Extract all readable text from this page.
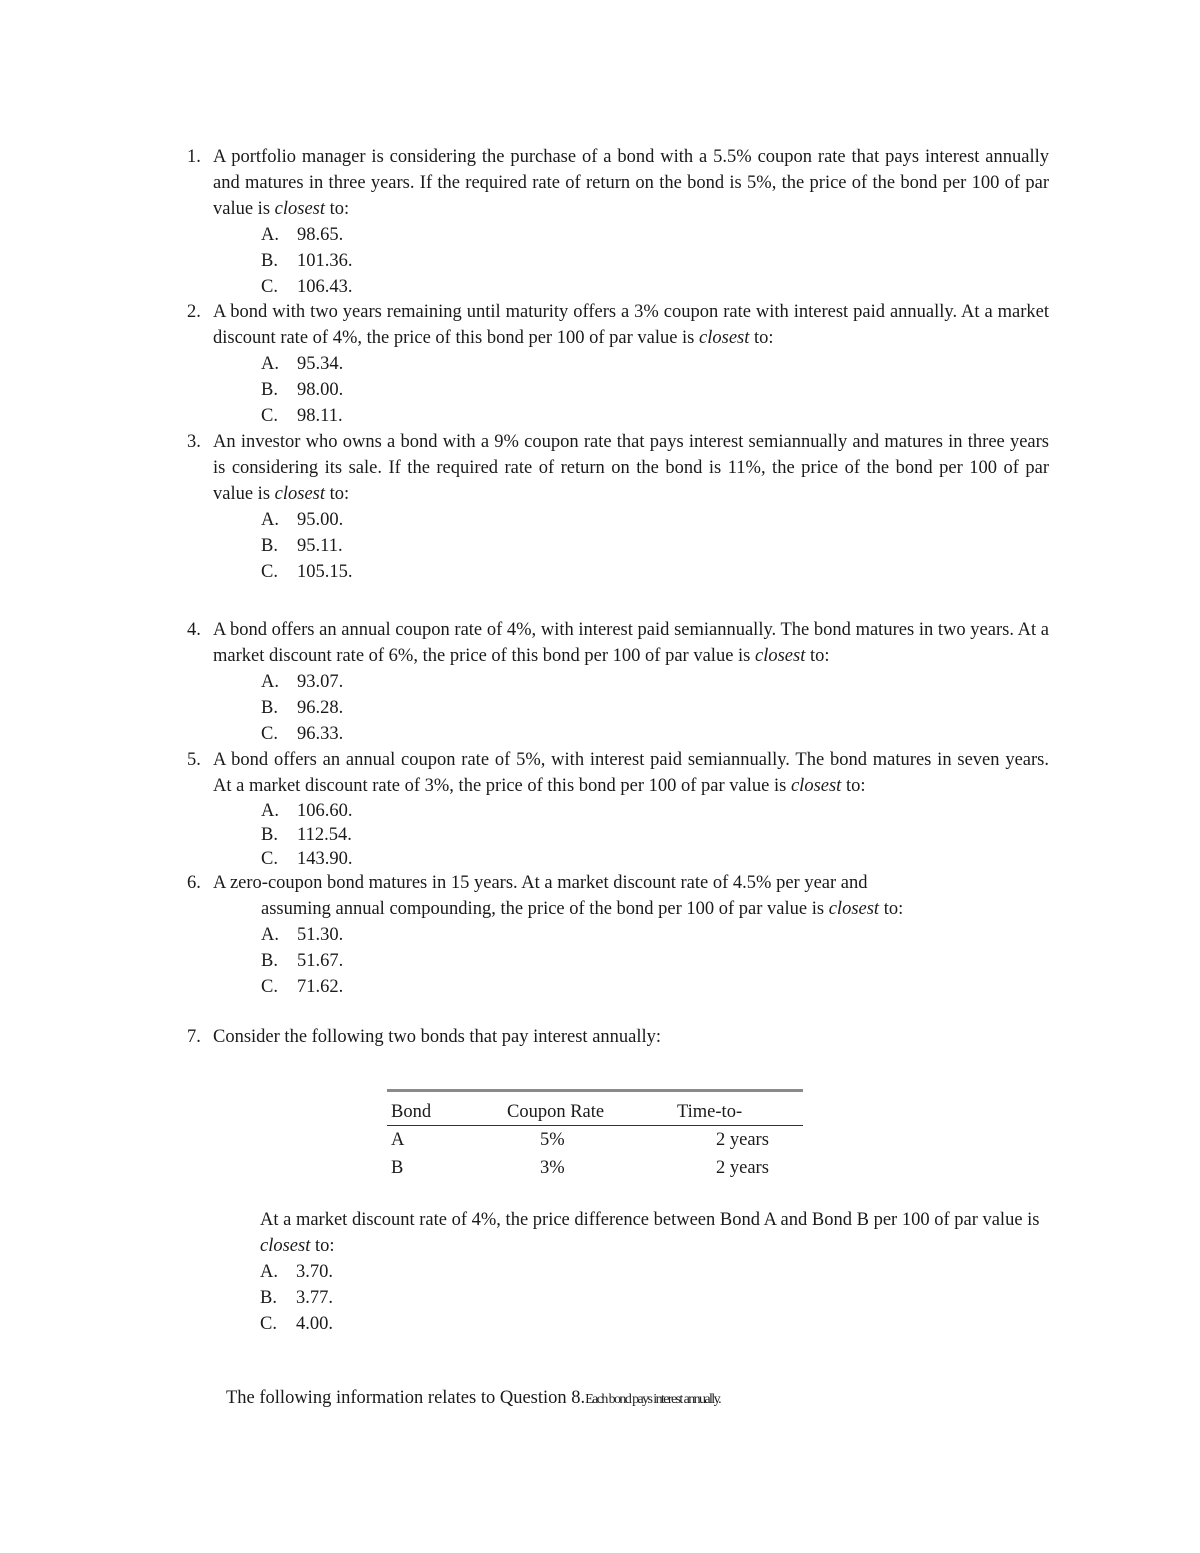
1. A portfolio manager is considering the purchase of a bond with a 5.5% coupon rate that pays interest annually and matures in three years. If the required rate of return on the bond is 5%, the price of the bond per 100 of par value is closest to:
A. 98.65.
B. 101.36.
C. 106.43.
2. A bond with two years remaining until maturity offers a 3% coupon rate with interest paid annually. At a market discount rate of 4%, the price of this bond per 100 of par value is closest to:
A. 95.34.
B. 98.00.
C. 98.11.
3. An investor who owns a bond with a 9% coupon rate that pays interest semiannually and matures in three years is considering its sale. If the required rate of return on the bond is 11%, the price of the bond per 100 of par value is closest to:
A. 95.00.
B. 95.11.
C. 105.15.
4. A bond offers an annual coupon rate of 4%, with interest paid semiannually. The bond matures in two years. At a market discount rate of 6%, the price of this bond per 100 of par value is closest to:
A. 93.07.
B. 96.28.
C. 96.33.
5. A bond offers an annual coupon rate of 5%, with interest paid semiannually. The bond matures in seven years. At a market discount rate of 3%, the price of this bond per 100 of par value is closest to:
A. 106.60.
B. 112.54.
C. 143.90.
6. A zero-coupon bond matures in 15 years. At a market discount rate of 4.5% per year and
assuming annual compounding, the price of the bond per 100 of par value is closest to:
A. 51.30.
B. 51.67.
C. 71.62.
7. Consider the following two bonds that pay interest annually:
Bond	Coupon Rate	Time-to-
A	5%	2 years
B	3%	2 years
At a market discount rate of 4%, the price difference between Bond A and Bond B per 100 of par value is closest to:
A. 3.70.
B. 3.77.
C. 4.00.
The following information relates to Question 8.Each bond pays interest annually.
